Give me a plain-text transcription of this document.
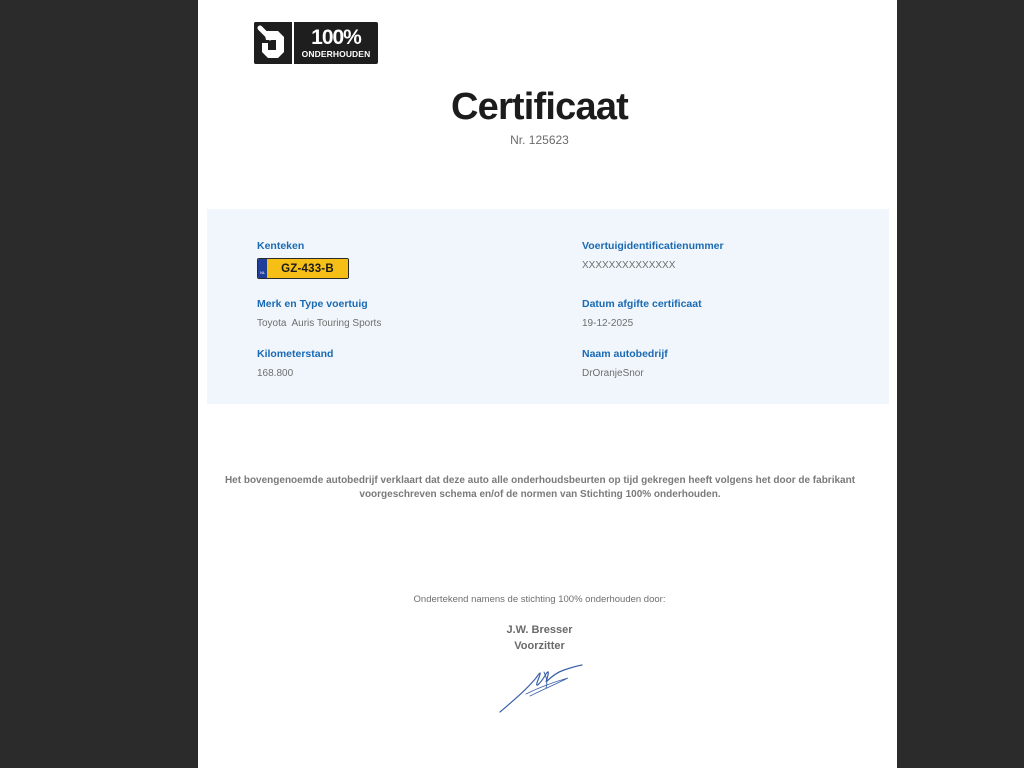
100%
ONDERHOUDEN
Certificaat
Nr. 125623
Kenteken
NL	GZ-433-B
Voertuigidentificatienummer
XXXXXXXXXXXXXX
Merk en Type voertuig
Toyota  Auris Touring Sports
Datum afgifte certificaat
19-12-2025
Kilometerstand
168.800
Naam autobedrijf
DrOranjeSnor
Het bovengenoemde autobedrijf verklaart dat deze auto alle onderhoudsbeurten op tijd gekregen heeft volgens het door de fabrikant voorgeschreven schema en/of de normen van Stichting 100% onderhouden.
Ondertekend namens de stichting 100% onderhouden door:
J.W. Bresser
Voorzitter
